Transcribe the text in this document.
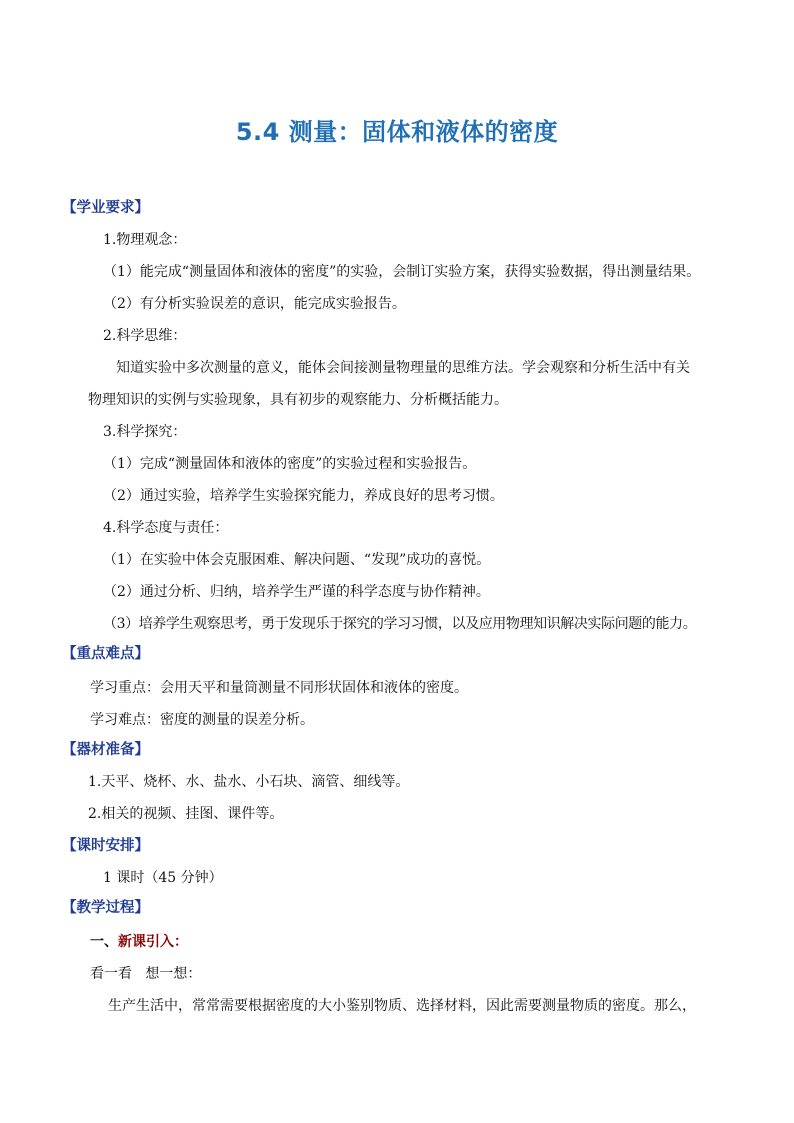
5.4 测量：固体和液体的密度
【学业要求】
1.物理观念：
（1）能完成“测量固体和液体的密度”的实验，会制订实验方案，获得实验数据，得出测量结果。
（2）有分析实验误差的意识，能完成实验报告。
2.科学思维：
知道实验中多次测量的意义，能体会间接测量物理量的思维方法。学会观察和分析生活中有关
物理知识的实例与实验现象，具有初步的观察能力、分析概括能力。
3.科学探究：
（1）完成“测量固体和液体的密度”的实验过程和实验报告。
（2）通过实验，培养学生实验探究能力，养成良好的思考习惯。
4.科学态度与责任：
（1）在实验中体会克服困难、解决问题、“发现”成功的喜悦。
（2）通过分析、归纳，培养学生严谨的科学态度与协作精神。
（3）培养学生观察思考，勇于发现乐于探究的学习习惯，以及应用物理知识解决实际问题的能力。
【重点难点】
学习重点：会用天平和量筒测量不同形状固体和液体的密度。
学习难点：密度的测量的误差分析。
【器材准备】
1.天平、烧杯、水、盐水、小石块、滴管、细线等。
2.相关的视频、挂图、课件等。
【课时安排】
1 课时（45 分钟）
【教学过程】
一、新课引入：
看一看   想一想：
生产生活中，常常需要根据密度的大小鉴别物质、选择材料，因此需要测量物质的密度。那么，
